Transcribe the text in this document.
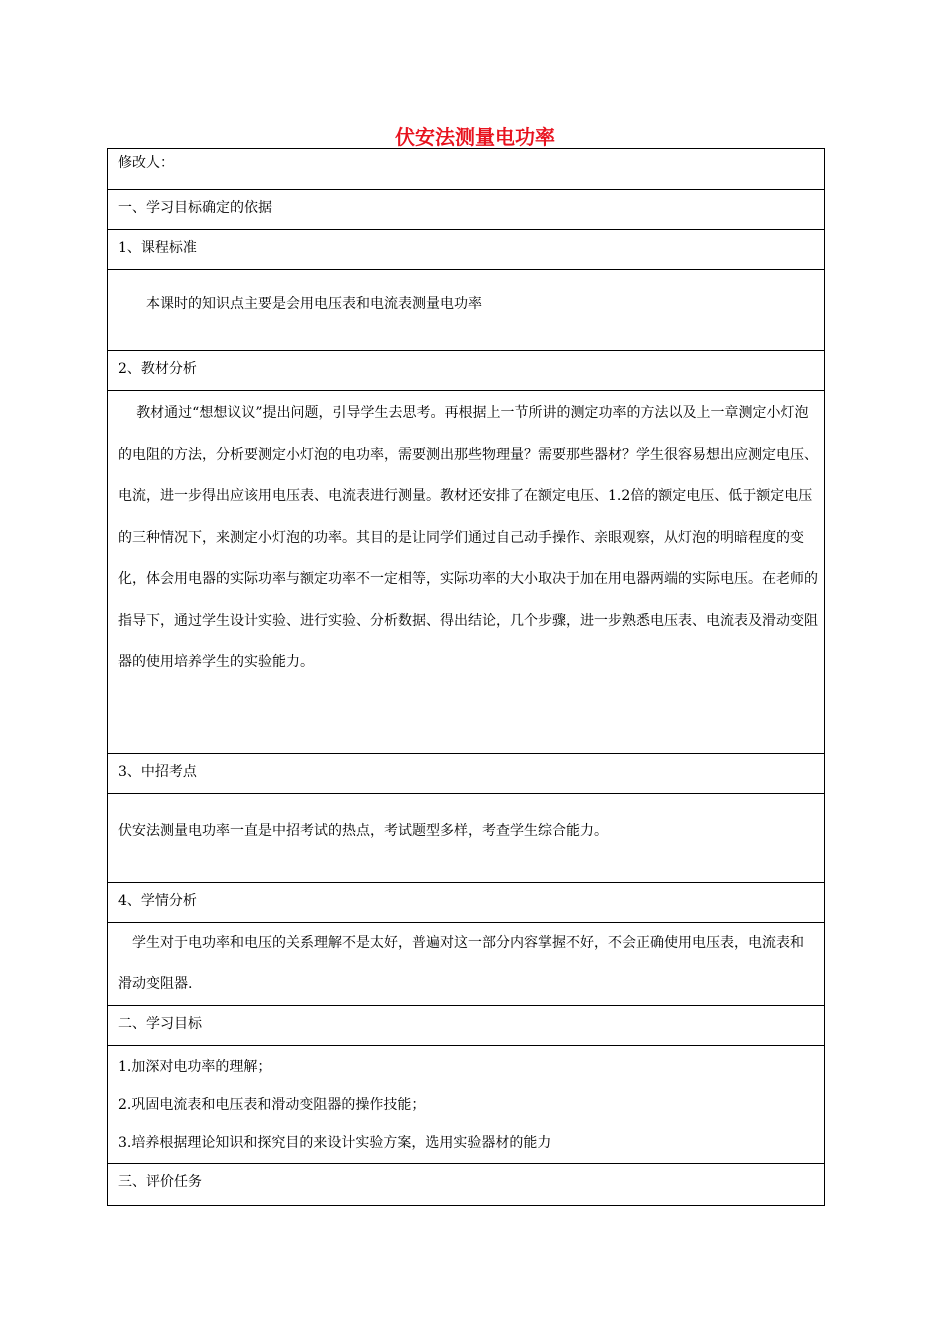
伏安法测量电功率
修改人：
一、学习目标确定的依据
1、课程标准

本课时的知识点主要是会用电压表和电流表测量电功率

2、教材分析

教材通过“想想议议”提出问题，引导学生去思考。再根据上一节所讲的测定功率的方法以及上一章测定小灯泡的电阻的方法，分析要测定小灯泡的电功率，需要测出那些物理量？需要那些器材？学生很容易想出应测定电压、电流，进一步得出应该用电压表、电流表进行测量。教材还安排了在额定电压、1.2倍的额定电压、低于额定电压的三种情况下，来测定小灯泡的功率。其目的是让同学们通过自己动手操作、亲眼观察，从灯泡的明暗程度的变化，体会用电器的实际功率与额定功率不一定相等，实际功率的大小取决于加在用电器两端的实际电压。在老师的指导下，通过学生设计实验、进行实验、分析数据、得出结论，几个步骤，进一步熟悉电压表、电流表及滑动变阻器的使用培养学生的实验能力。

3、中招考点

伏安法测量电功率一直是中招考试的热点，考试题型多样，考查学生综合能力。

4、学情分析

学生对于电功率和电压的关系理解不是太好，普遍对这一部分内容掌握不好，不会正确使用电压表，电流表和滑动变阻器.

二、学习目标

1.加深对电功率的理解；

2.巩固电流表和电压表和滑动变阻器的操作技能；

3.培养根据理论知识和探究目的来设计实验方案，选用实验器材的能力

三、评价任务
